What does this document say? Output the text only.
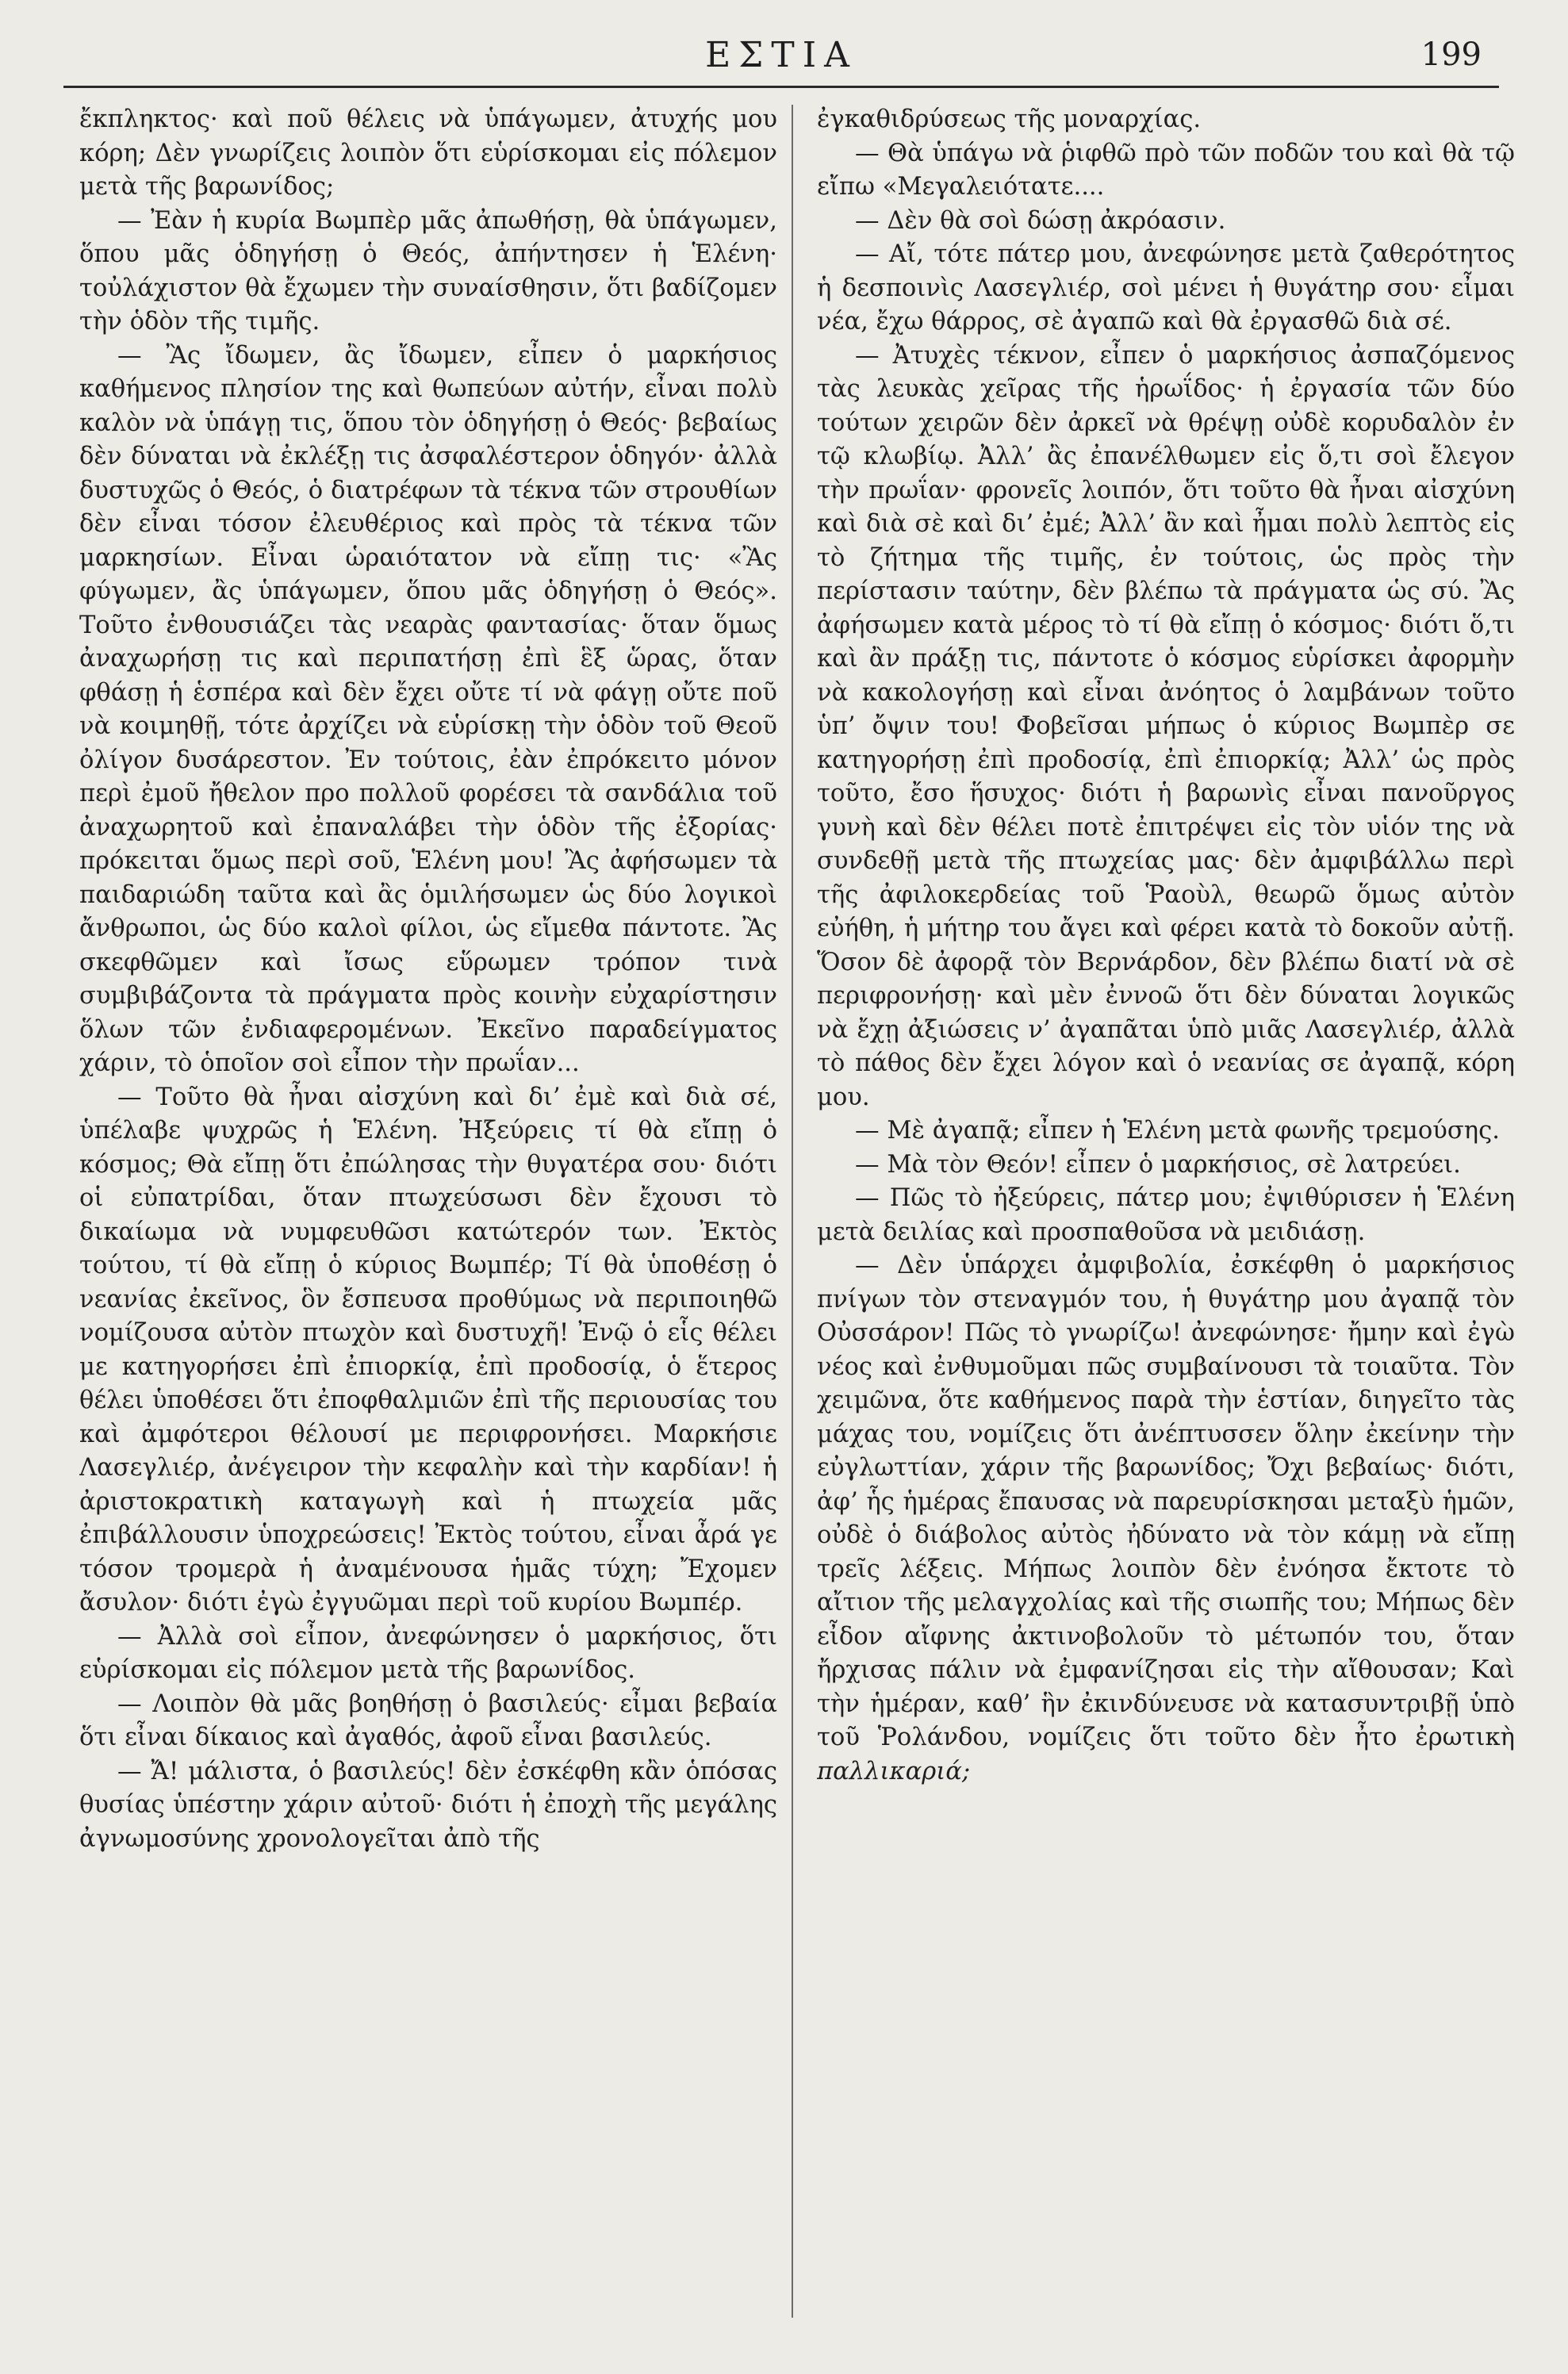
ΕΣΤΙΑ	199

ἔκπληκτος· καὶ ποῦ θέλεις νὰ ὑπάγωμεν, ἀτυχής μου κόρη; Δὲν γνωρίζεις λοιπὸν ὅτι εὑρίσκομαι εἰς πόλεμον μετὰ τῆς βαρωνίδος;

— Ἐὰν ἡ κυρία Βωμπὲρ μᾶς ἀπωθήσῃ, θὰ ὑπάγωμεν, ὅπου μᾶς ὁδηγήσῃ ὁ Θεός, ἀπήντησεν ἡ Ἑλένη· τοὐλάχιστον θὰ ἔχωμεν τὴν συναίσθησιν, ὅτι βαδίζομεν τὴν ὁδὸν τῆς τιμῆς.

— Ἂς ἴδωμεν, ἂς ἴδωμεν, εἶπεν ὁ μαρκήσιος καθήμενος πλησίον της καὶ θωπεύων αὐτήν, εἶναι πολὺ καλὸν νὰ ὑπάγῃ τις, ὅπου τὸν ὁδηγήσῃ ὁ Θεός· βεβαίως δὲν δύναται νὰ ἐκλέξῃ τις ἀσφαλέστερον ὁδηγόν· ἀλλὰ δυστυχῶς ὁ Θεός, ὁ διατρέφων τὰ τέκνα τῶν στρουθίων δὲν εἶναι τόσον ἐλευθέριος καὶ πρὸς τὰ τέκνα τῶν μαρκησίων. Εἶναι ὡραιότατον νὰ εἴπῃ τις· «Ἂς φύγωμεν, ἂς ὑπάγωμεν, ὅπου μᾶς ὁδηγήσῃ ὁ Θεός». Τοῦτο ἐνθουσιάζει τὰς νεαρὰς φαντασίας· ὅταν ὅμως ἀναχωρήσῃ τις καὶ περιπατήσῃ ἐπὶ ἓξ ὥρας, ὅταν φθάσῃ ἡ ἑσπέρα καὶ δὲν ἔχει οὔτε τί νὰ φάγῃ οὔτε ποῦ νὰ κοιμηθῇ, τότε ἀρχίζει νὰ εὑρίσκῃ τὴν ὁδὸν τοῦ Θεοῦ ὀλίγον δυσάρεστον. Ἐν τούτοις, ἐὰν ἐπρόκειτο μόνον περὶ ἐμοῦ ἤθελον προ πολλοῦ φορέσει τὰ σανδάλια τοῦ ἀναχωρητοῦ καὶ ἐπαναλάβει τὴν ὁδὸν τῆς ἐξορίας· πρόκειται ὅμως περὶ σοῦ, Ἑλένη μου! Ἂς ἀφήσωμεν τὰ παιδαριώδη ταῦτα καὶ ἂς ὁμιλήσωμεν ὡς δύο λογικοὶ ἄνθρωποι, ὡς δύο καλοὶ φίλοι, ὡς εἴμεθα πάντοτε. Ἂς σκεφθῶμεν καὶ ἴσως εὕρωμεν τρόπον τινὰ συμβιβάζοντα τὰ πράγματα πρὸς κοινὴν εὐχαρίστησιν ὅλων τῶν ἐνδιαφερομένων. Ἐκεῖνο παραδείγματος χάριν, τὸ ὁποῖον σοὶ εἶπον τὴν πρωΐαν...

— Τοῦτο θὰ ἦναι αἰσχύνη καὶ δι’ ἐμὲ καὶ διὰ σέ, ὑπέλαβε ψυχρῶς ἡ Ἑλένη. Ἠξεύρεις τί θὰ εἴπῃ ὁ κόσμος; Θὰ εἴπῃ ὅτι ἐπώλησας τὴν θυγατέρα σου· διότι οἱ εὐπατρίδαι, ὅταν πτωχεύσωσι δὲν ἔχουσι τὸ δικαίωμα νὰ νυμφευθῶσι κατώτερόν των. Ἐκτὸς τούτου, τί θὰ εἴπῃ ὁ κύριος Βωμπέρ; Τί θὰ ὑποθέσῃ ὁ νεανίας ἐκεῖνος, ὃν ἔσπευσα προθύμως νὰ περιποιηθῶ νομίζουσα αὐτὸν πτωχὸν καὶ δυστυχῆ! Ἐνῷ ὁ εἷς θέλει με κατηγορήσει ἐπὶ ἐπιορκίᾳ, ἐπὶ προδοσίᾳ, ὁ ἕτερος θέλει ὑποθέσει ὅτι ἐποφθαλμιῶν ἐπὶ τῆς περιουσίας του καὶ ἀμφότεροι θέλουσί με περιφρονήσει. Μαρκήσιε Λασεγλιέρ, ἀνέγειρον τὴν κεφαλὴν καὶ τὴν καρδίαν! ἡ ἀριστοκρατικὴ καταγωγὴ καὶ ἡ πτωχεία μᾶς ἐπιβάλλουσιν ὑποχρεώσεις! Ἐκτὸς τούτου, εἶναι ἆρά γε τόσον τρομερὰ ἡ ἀναμένουσα ἡμᾶς τύχη; Ἔχομεν ἄσυλον· διότι ἐγὼ ἐγγυῶμαι περὶ τοῦ κυρίου Βωμπέρ.

— Ἀλλὰ σοὶ εἶπον, ἀνεφώνησεν ὁ μαρκήσιος, ὅτι εὑρίσκομαι εἰς πόλεμον μετὰ τῆς βαρωνίδος.

— Λοιπὸν θὰ μᾶς βοηθήσῃ ὁ βασιλεύς· εἶμαι βεβαία ὅτι εἶναι δίκαιος καὶ ἀγαθός, ἀφοῦ εἶναι βασιλεύς.

— Ἄ! μάλιστα, ὁ βασιλεύς! δὲν ἐσκέφθη κἂν ὁπόσας θυσίας ὑπέστην χάριν αὐτοῦ· διότι ἡ ἐποχὴ τῆς μεγάλης ἀγνωμοσύνης χρονολογεῖται ἀπὸ τῆς

ἐγκαθιδρύσεως τῆς μοναρχίας.

— Θὰ ὑπάγω νὰ ῥιφθῶ πρὸ τῶν ποδῶν του καὶ θὰ τῷ εἴπω «Μεγαλειότατε....

— Δὲν θὰ σοὶ δώσῃ ἀκρόασιν.

— Αἴ, τότε πάτερ μου, ἀνεφώνησε μετὰ ζαθερότητος ἡ δεσποινὶς Λασεγλιέρ, σοὶ μένει ἡ θυγάτηρ σου· εἶμαι νέα, ἔχω θάρρος, σὲ ἀγαπῶ καὶ θὰ ἐργασθῶ διὰ σέ.

— Ἀτυχὲς τέκνον, εἶπεν ὁ μαρκήσιος ἀσπαζόμενος τὰς λευκὰς χεῖρας τῆς ἡρωΐδος· ἡ ἐργασία τῶν δύο τούτων χειρῶν δὲν ἀρκεῖ νὰ θρέψῃ οὐδὲ κορυδαλὸν ἐν τῷ κλωβίῳ. Ἀλλ’ ἂς ἐπανέλθωμεν εἰς ὅ,τι σοὶ ἔλεγον τὴν πρωΐαν· φρονεῖς λοιπόν, ὅτι τοῦτο θὰ ἦναι αἰσχύνη καὶ διὰ σὲ καὶ δι’ ἐμέ; Ἀλλ’ ἂν καὶ ἦμαι πολὺ λεπτὸς εἰς τὸ ζήτημα τῆς τιμῆς, ἐν τούτοις, ὡς πρὸς τὴν περίστασιν ταύτην, δὲν βλέπω τὰ πράγματα ὡς σύ. Ἂς ἀφήσωμεν κατὰ μέρος τὸ τί θὰ εἴπῃ ὁ κόσμος· διότι ὅ,τι καὶ ἂν πράξῃ τις, πάντοτε ὁ κόσμος εὑρίσκει ἀφορμὴν νὰ κακολογήσῃ καὶ εἶναι ἀνόητος ὁ λαμβάνων τοῦτο ὑπ’ ὄψιν του! Φοβεῖσαι μήπως ὁ κύριος Βωμπὲρ σε κατηγορήσῃ ἐπὶ προδοσίᾳ, ἐπὶ ἐπιορκίᾳ; Ἀλλ’ ὡς πρὸς τοῦτο, ἔσο ἥσυχος· διότι ἡ βαρωνὶς εἶναι πανοῦργος γυνὴ καὶ δὲν θέλει ποτὲ ἐπιτρέψει εἰς τὸν υἱόν της νὰ συνδεθῇ μετὰ τῆς πτωχείας μας· δὲν ἀμφιβάλλω περὶ τῆς ἀφιλοκερδείας τοῦ Ῥαοὺλ, θεωρῶ ὅμως αὐτὸν εὐήθη, ἡ μήτηρ του ἄγει καὶ φέρει κατὰ τὸ δοκοῦν αὐτῇ. Ὅσον δὲ ἀφορᾷ τὸν Βερνάρδον, δὲν βλέπω διατί νὰ σὲ περιφρονήσῃ· καὶ μὲν ἐννοῶ ὅτι δὲν δύναται λογικῶς νὰ ἔχῃ ἀξιώσεις ν’ ἀγαπᾶται ὑπὸ μιᾶς Λασεγλιέρ, ἀλλὰ τὸ πάθος δὲν ἔχει λόγον καὶ ὁ νεανίας σε ἀγαπᾷ, κόρη μου.

— Μὲ ἀγαπᾷ; εἶπεν ἡ Ἑλένη μετὰ φωνῆς τρεμούσης.

— Μὰ τὸν Θεόν! εἶπεν ὁ μαρκήσιος, σὲ λατρεύει.

— Πῶς τὸ ἠξεύρεις, πάτερ μου; ἐψιθύρισεν ἡ Ἑλένη μετὰ δειλίας καὶ προσπαθοῦσα νὰ μειδιάσῃ.

— Δὲν ὑπάρχει ἀμφιβολία, ἐσκέφθη ὁ μαρκήσιος πνίγων τὸν στεναγμόν του, ἡ θυγάτηρ μου ἀγαπᾷ τὸν Οὐσσάρον! Πῶς τὸ γνωρίζω! ἀνεφώνησε· ἤμην καὶ ἐγὼ νέος καὶ ἐνθυμοῦμαι πῶς συμβαίνουσι τὰ τοιαῦτα. Τὸν χειμῶνα, ὅτε καθήμενος παρὰ τὴν ἑστίαν, διηγεῖτο τὰς μάχας του, νομίζεις ὅτι ἀνέπτυσσεν ὅλην ἐκείνην τὴν εὐγλωττίαν, χάριν τῆς βαρωνίδος; Ὄχι βεβαίως· διότι, ἀφ’ ἧς ἡμέρας ἔπαυσας νὰ παρευρίσκησαι μεταξὺ ἡμῶν, οὐδὲ ὁ διάβολος αὐτὸς ἠδύνατο νὰ τὸν κάμῃ νὰ εἴπῃ τρεῖς λέξεις. Μήπως λοιπὸν δὲν ἐνόησα ἔκτοτε τὸ αἴτιον τῆς μελαγχολίας καὶ τῆς σιωπῆς του; Μήπως δὲν εἶδον αἴφνης ἀκτινοβολοῦν τὸ μέτωπόν του, ὅταν ἤρχισας πάλιν νὰ ἐμφανίζησαι εἰς τὴν αἴθουσαν; Καὶ τὴν ἡμέραν, καθ’ ἣν ἐκινδύνευσε νὰ κατασυντριβῇ ὑπὸ τοῦ Ῥολάνδου, νομίζεις ὅτι τοῦτο δὲν ἦτο ἐρωτικὴ παλλικαριά;
